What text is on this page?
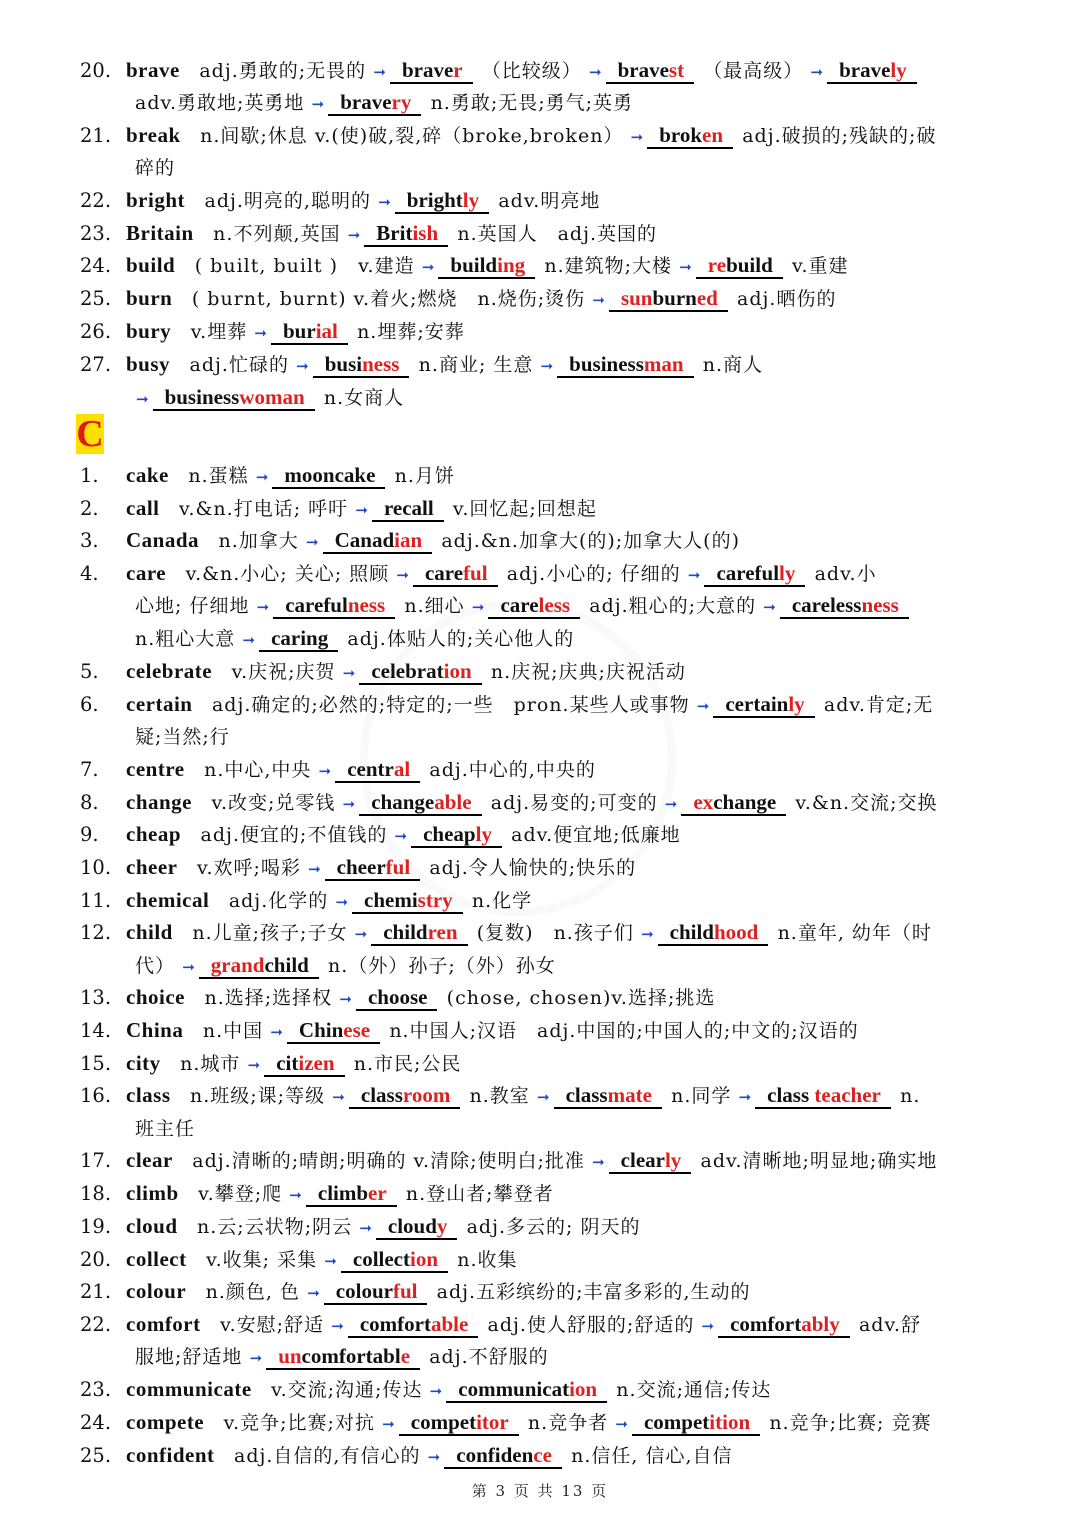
C
20. brave  adj.勇敢的;无畏的 ➞ braver （比较级） ➞ bravest （最高级） ➞ bravely
adv.勇敢地;英勇地 ➞ bravery n.勇敢;无畏;勇气;英勇
21. break  n.间歇;休息 v.(使)破,裂,碎（broke,broken） ➞ broken adj.破损的;残缺的;破
碎的
22. bright  adj.明亮的,聪明的 ➞ brightly adv.明亮地
23. Britain  n.不列颠,英国 ➞ British n.英国人　adj.英国的
24. build  ( built, built )　v.建造 ➞ building n.建筑物;大楼 ➞ rebuild v.重建
25. burn  ( burnt, burnt) v.着火;燃烧　n.烧伤;烫伤 ➞ sunburned adj.晒伤的
26. bury  v.埋葬 ➞ burial n.埋葬;安葬
27. busy  adj.忙碌的 ➞ business n.商业; 生意 ➞ businessman n.商人
➞ businesswoman n.女商人
1. cake  n.蛋糕 ➞ mooncake n.月饼
2. call  v.&n.打电话; 呼吁 ➞ recall v.回忆起;回想起
3. Canada  n.加拿大 ➞ Canadian adj.&n.加拿大(的);加拿大人(的)
4. care  v.&n.小心; 关心; 照顾 ➞ careful adj.小心的; 仔细的 ➞ carefully adv.小
心地; 仔细地 ➞ carefulness n.细心 ➞ careless adj.粗心的;大意的 ➞ carelessness
n.粗心大意 ➞ caring adj.体贴人的;关心他人的
5. celebrate  v.庆祝;庆贺 ➞ celebration n.庆祝;庆典;庆祝活动
6. certain  adj.确定的;必然的;特定的;一些　pron.某些人或事物 ➞ certainly adv.肯定;无
疑;当然;行
7. centre  n.中心,中央 ➞ central adj.中心的,中央的
8. change  v.改变;兑零钱 ➞ changeable adj.易变的;可变的 ➞ exchange v.&n.交流;交换
9. cheap  adj.便宜的;不值钱的 ➞ cheaply adv.便宜地;低廉地
10. cheer  v.欢呼;喝彩 ➞ cheerful adj.令人愉快的;快乐的
11. chemical  adj.化学的 ➞ chemistry n.化学
12. child  n.儿童;孩子;子女 ➞ children (复数)　n.孩子们 ➞ childhood n.童年, 幼年（时
代） ➞ grandchild n.（外）孙子;（外）孙女
13. choice  n.选择;选择权 ➞ choose (chose, chosen)v.选择;挑选
14. China  n.中国 ➞ Chinese n.中国人;汉语　adj.中国的;中国人的;中文的;汉语的
15. city  n.城市 ➞ citizen n.市民;公民
16. class  n.班级;课;等级 ➞ classroom n.教室 ➞ classmate n.同学 ➞ class teacher n.
班主任
17. clear  adj.清晰的;晴朗;明确的 v.清除;使明白;批准 ➞ clearly adv.清晰地;明显地;确实地
18. climb  v.攀登;爬 ➞ climber n.登山者;攀登者
19. cloud  n.云;云状物;阴云 ➞ cloudy adj.多云的; 阴天的
20. collect  v.收集; 采集 ➞ collection n.收集
21. colour  n.颜色, 色 ➞ colourful adj.五彩缤纷的;丰富多彩的,生动的
22. comfort  v.安慰;舒适 ➞ comfortable adj.使人舒服的;舒适的 ➞ comfortably adv.舒
服地;舒适地 ➞ uncomfortable adj.不舒服的
23. communicate  v.交流;沟通;传达 ➞ communication n.交流;通信;传达
24. compete  v.竞争;比赛;对抗 ➞ competitor n.竞争者 ➞ competition n.竞争;比赛; 竞赛
25. confident  adj.自信的,有信心的 ➞ confidence n.信任, 信心,自信
第 3 页 共 13 页
